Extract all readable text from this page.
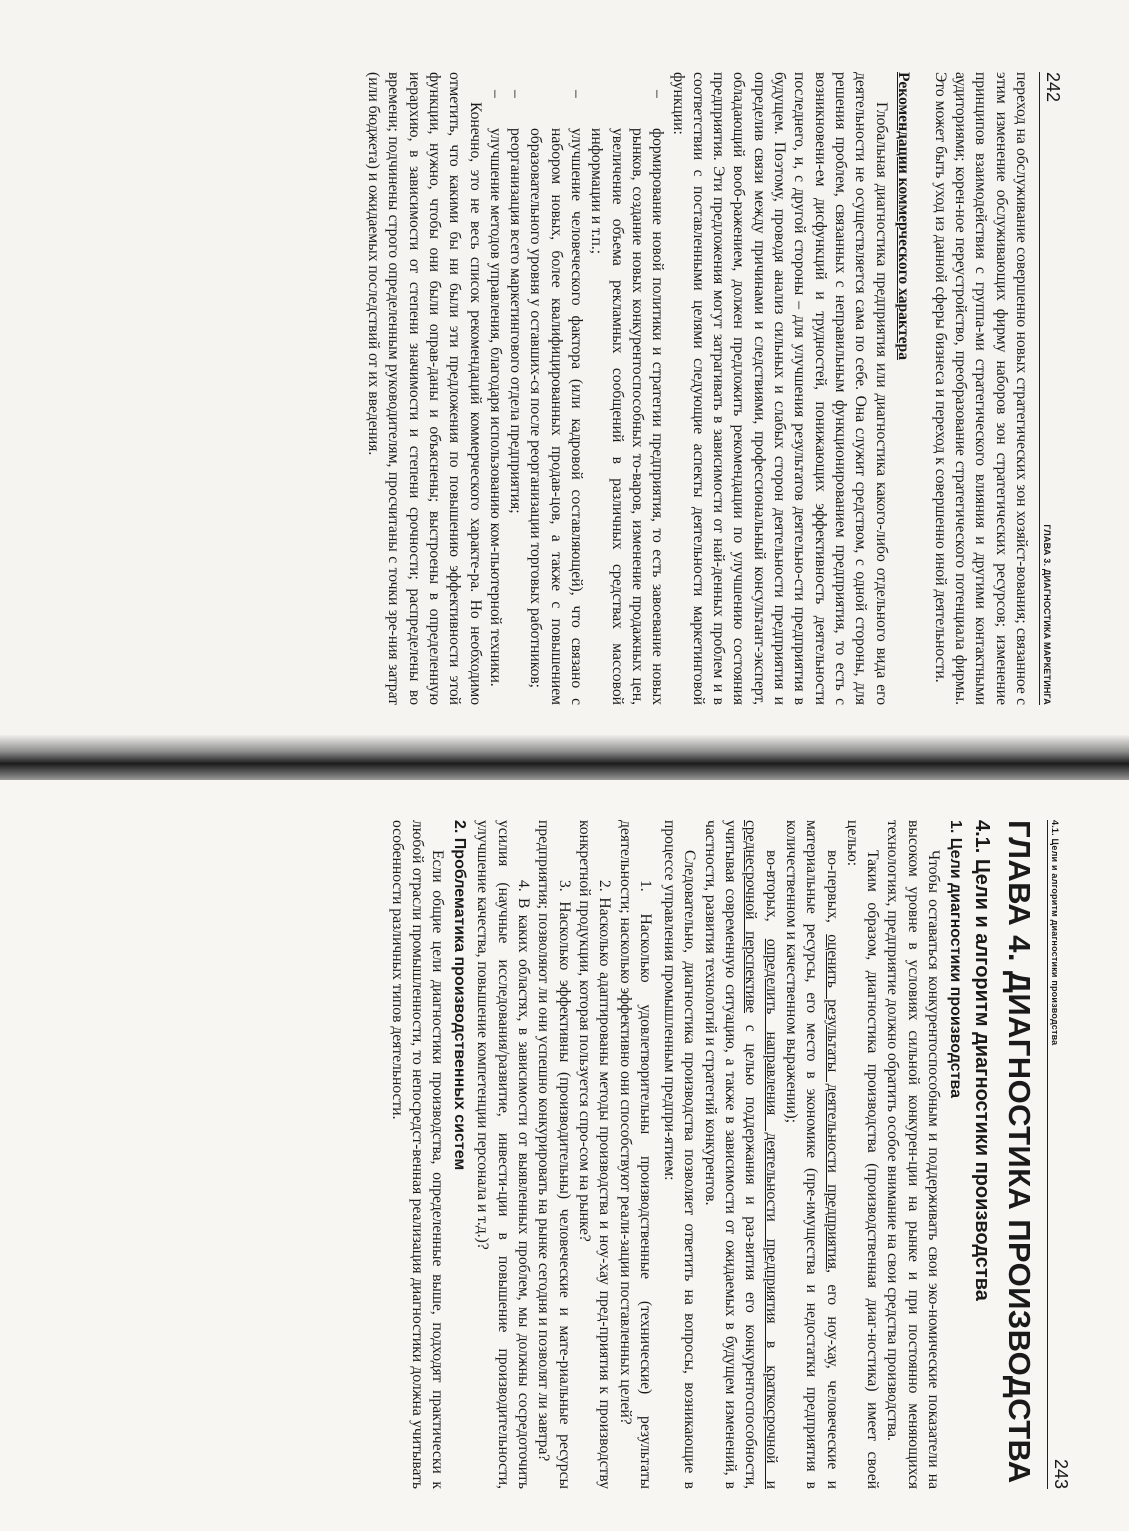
242
ГЛАВА 3. ДИАГНОСТИКА МАРКЕТИНГА

переход на обслуживание совершенно новых стратегических зон хозяйст-вования; связанное с этим изменение обслуживающих фирму наборов зон стратегических ресурсов; изменение принципов взаимодействия с группа-ми стратегического влияния и другими контактными аудиториями; корен-ное переустройство, преобразование стратегического потенциала фирмы. Это может быть уход из данной сферы бизнеса и переход к совершенно иной деятельности.

Рекомендации коммерческого характера

Глобальная диагностика предприятия или диагностика какого-либо отдельного вида его деятельности не осуществляется сама по себе. Она служит средством, с одной стороны, для решения проблем, связанных с неправильным функционированием предприятия, то есть с возникновени-ем дисфункций и трудностей, понижающих эффективность деятельности последнего, и, с другой стороны – для улучшения результатов деятельно-сти предприятия в будущем. Поэтому, проводя анализ сильных и слабых сторон деятельности предприятия и определив связи между причинами и следствиями, профессиональный консультант-эксперт, обладающий вооб-ражением, должен предложить рекомендации по улучшению состояния предприятия. Эти предложения могут затрагивать в зависимости от най-денных проблем и в соответствии с поставленными целями следующие аспекты деятельности маркетинговой функции:

– формирование новой политики и стратегии предприятия, то есть завоевание новых рынков, создание новых конкурентоспособных то-варов, изменение продажных цен, увеличение объема рекламных сообщений в различных средствах массовой информации и т.п.;
– улучшение человеческого фактора (или кадровой составляющей), что связано с набором новых, более квалифицированных продав-цов, а также с повышением образовательного уровня у оставших-ся после реорганизации торговых работников;
– реорганизация всего маркетингового отдела предприятия;
– улучшение методов управления, благодаря использованию ком-пьютерной техники.

Конечно, это не весь список рекомендаций коммерческого характе-ра. Но необходимо отметить, что какими бы ни были эти предложения по повышению эффективности этой функции, нужно, чтобы они были оправ-даны и объяснены; выстроены в определенную иерархию, в зависимости от степени значимости и степени срочности; распределены во времени; подчинены строго определенным руководителям, просчитаны с точки зре-ния затрат (или бюджета) и ожидаемых последствий от их введения.

4.1. Цели и алгоритм диагностики производства
243
ГЛАВА 4. ДИАГНОСТИКА ПРОИЗВОДСТВА
4.1. Цели и алгоритм диагностики производства
1. Цели диагностики производства

Чтобы оставаться конкурентоспособным и поддерживать свои эко-номические показатели на высоком уровне в условиях сильной конкурен-ции на рынке и при постоянно меняющихся технологиях, предприятие должно обратить особое внимание на свои средства производства.

Таким образом, диагностика производства (производственная диаг-ностика) имеет своей целью:

во-первых, оценить результаты деятельности предприятия, его ноу-хау, человеческие и материальные ресурсы, его место в экономике (пре-имущества и недостатки предприятия в количественном и качественном выражении);

во-вторых, определить направления деятельности предприятия в краткосрочной и среднесрочной перспективе с целью поддержания и раз-вития его конкурентоспособности, учитывая современную ситуацию, а также в зависимости от ожидаемых в будущем изменений, в частности, развития технологий и стратегий конкурентов.

Следовательно, диагностика производства позволяет ответить на вопросы, возникающие в процессе управления промышленным предпри-ятием:

1. Насколько удовлетворительны производственные (технические) результаты деятельности; насколько эффективно они способствуют реали-зации поставленных целей?
2. Насколько адаптированы методы производства и ноу-хау пред-приятия к производству конкретной продукции, которая пользуется спро-сом на рынке?
3. Насколько эффективны (производительны) человеческие и мате-риальные ресурсы предприятия; позволяют ли они успешно конкурировать на рынке сегодня и позволят ли завтра?
4. В каких областях, в зависимости от выявленных проблем, мы должны сосредоточить усилия (научные исследования/развитие, инвести-ции в повышение производительности, улучшение качества, повышение компетенции персонала и т.д.)?
2. Проблематика производственных систем

Если общие цели диагностики производства, определенные выше, подходят практически к любой отрасли промышленности, то непосредст-венная реализация диагностики должна учитывать особенности различных типов деятельности.
